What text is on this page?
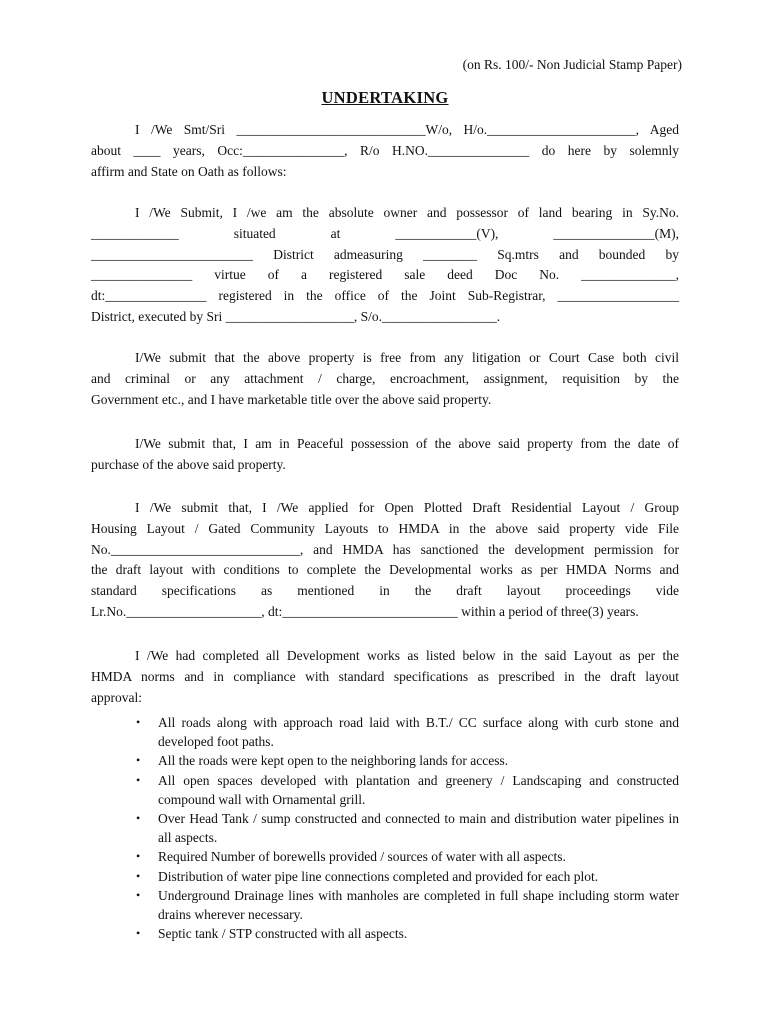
(on Rs. 100/- Non Judicial Stamp Paper)
UNDERTAKING
I /We Smt/Sri ____________________________W/o, H/o.______________________, Aged
about ____ years, Occ:_______________, R/o H.NO._______________ do here by solemnly
affirm and State on Oath as follows:
I /We Submit, I /we am the absolute owner and possessor of land bearing in Sy.No.
_____________ situated at ____________(V), _______________(M),
________________________ District admeasuring ________ Sq.mtrs and bounded by
_______________ virtue of a registered sale deed Doc No. ______________,
dt:_______________ registered in the office of the Joint Sub-Registrar, __________________
District, executed by Sri ___________________, S/o._________________.
I/We submit that the above property is free from any litigation or Court Case both civil
and criminal or any attachment / charge, encroachment, assignment, requisition by the
Government etc., and I have marketable title over the above said property.
I/We submit that, I am in Peaceful possession of the above said property from the date of
purchase of the above said property.
I /We submit that, I /We applied for Open Plotted Draft Residential Layout / Group
Housing Layout / Gated Community Layouts to HMDA in the above said property vide File
No.____________________________, and HMDA has sanctioned the development permission for
the draft layout with conditions to complete the Developmental works as per HMDA Norms and
standard specifications as mentioned in the draft layout proceedings vide
Lr.No.____________________, dt:__________________________ within a period of three(3) years.
I /We had completed all Development works as listed below in the said Layout as per the
HMDA norms and in compliance with standard specifications as prescribed in the draft layout
approval:
• All roads along with approach road laid with B.T./ CC surface along with curb stone and developed foot paths.
• All the roads were kept open to the neighboring lands for access.
• All open spaces developed with plantation and greenery / Landscaping and constructed compound wall with Ornamental grill.
• Over Head Tank / sump constructed and connected to main and distribution water pipelines in all aspects.
• Required Number of borewells provided / sources of water with all aspects.
• Distribution of water pipe line connections completed and provided for each plot.
• Underground Drainage lines with manholes are completed in full shape including storm water drains wherever necessary.
• Septic tank / STP constructed with all aspects.
